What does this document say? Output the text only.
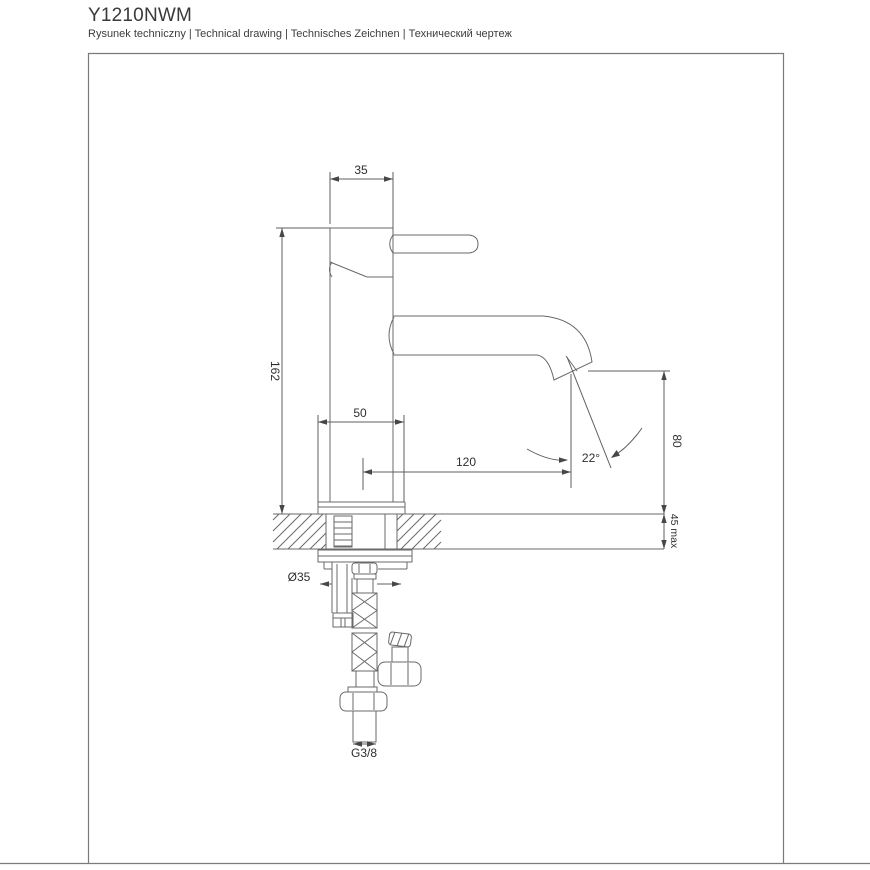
Y1210NWM
Rysunek techniczny | Technical drawing | Technisches Zeichnen | Технический чертеж
35
162
50
120	22°
80
45 max
Ø35
G3/8
